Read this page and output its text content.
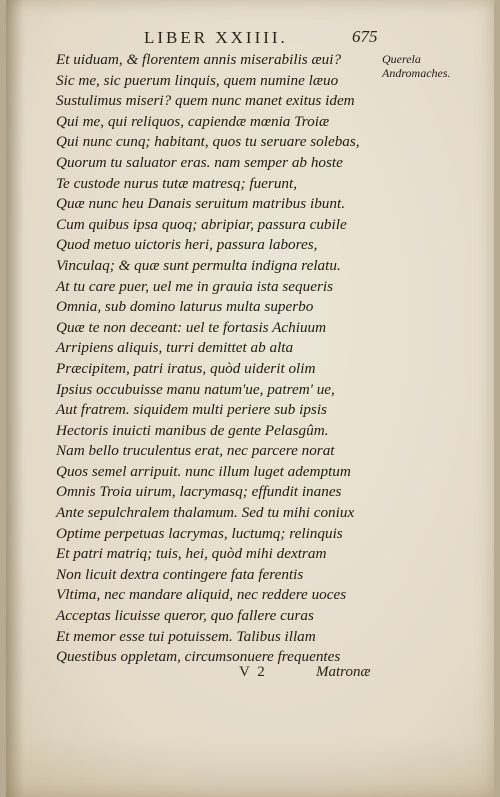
LIBER XXIIII.	675
Et uiduam, & florentem annis miserabilis æui?
Sic me, sic puerum linquis, quem numine læuo
Sustulimus miseri? quem nunc manet exitus idem
Qui me, qui reliquos, capiendæ mœnia Troiæ
Qui nunc cunq; habitant, quos tu seruare solebas,
Quorum tu saluator eras. nam semper ab hoste
Te custode nurus tutæ matresq; fuerunt,
Quæ nunc heu Danais seruitum matribus ibunt.
Cum quibus ipsa quoq; abripiar, passura cubile
Quod metuo uictoris heri, passura labores,
Vinculaq; & quæ sunt permulta indigna relatu.
At tu care puer, uel me in grauia ista sequeris
Omnia, sub domino laturus multa superbo
Quæ te non deceant: uel te fortasis Achiuum
Arripiens aliquis, turri demittet ab alta
Præcipitem, patri iratus, quòd uiderit olim
Ipsius occubuisse manu natum'ue, patrem' ue,
Aut fratrem. siquidem multi periere sub ipsis
Hectoris inuicti manibus de gente Pelasgûm.
Nam bello truculentus erat, nec parcere norat
Quos semel arripuit. nunc illum luget ademptum
Omnis Troia uirum, lacrymasq; effundit inanes
Ante sepulchralem thalamum. Sed tu mihi coniux
Optime perpetuas lacrymas, luctumq; relinquis
Et patri matriq; tuis, hei, quòd mihi dextram
Non licuit dextra contingere fata ferentis
Vltima, nec mandare aliquid, nec reddere uoces
Acceptas licuisse queror, quo fallere curas
Et memor esse tui potuissem. Talibus illam
Questibus oppletam, circumsonuere frequentes
Querela Andromaches.
V 2	Matronæ
